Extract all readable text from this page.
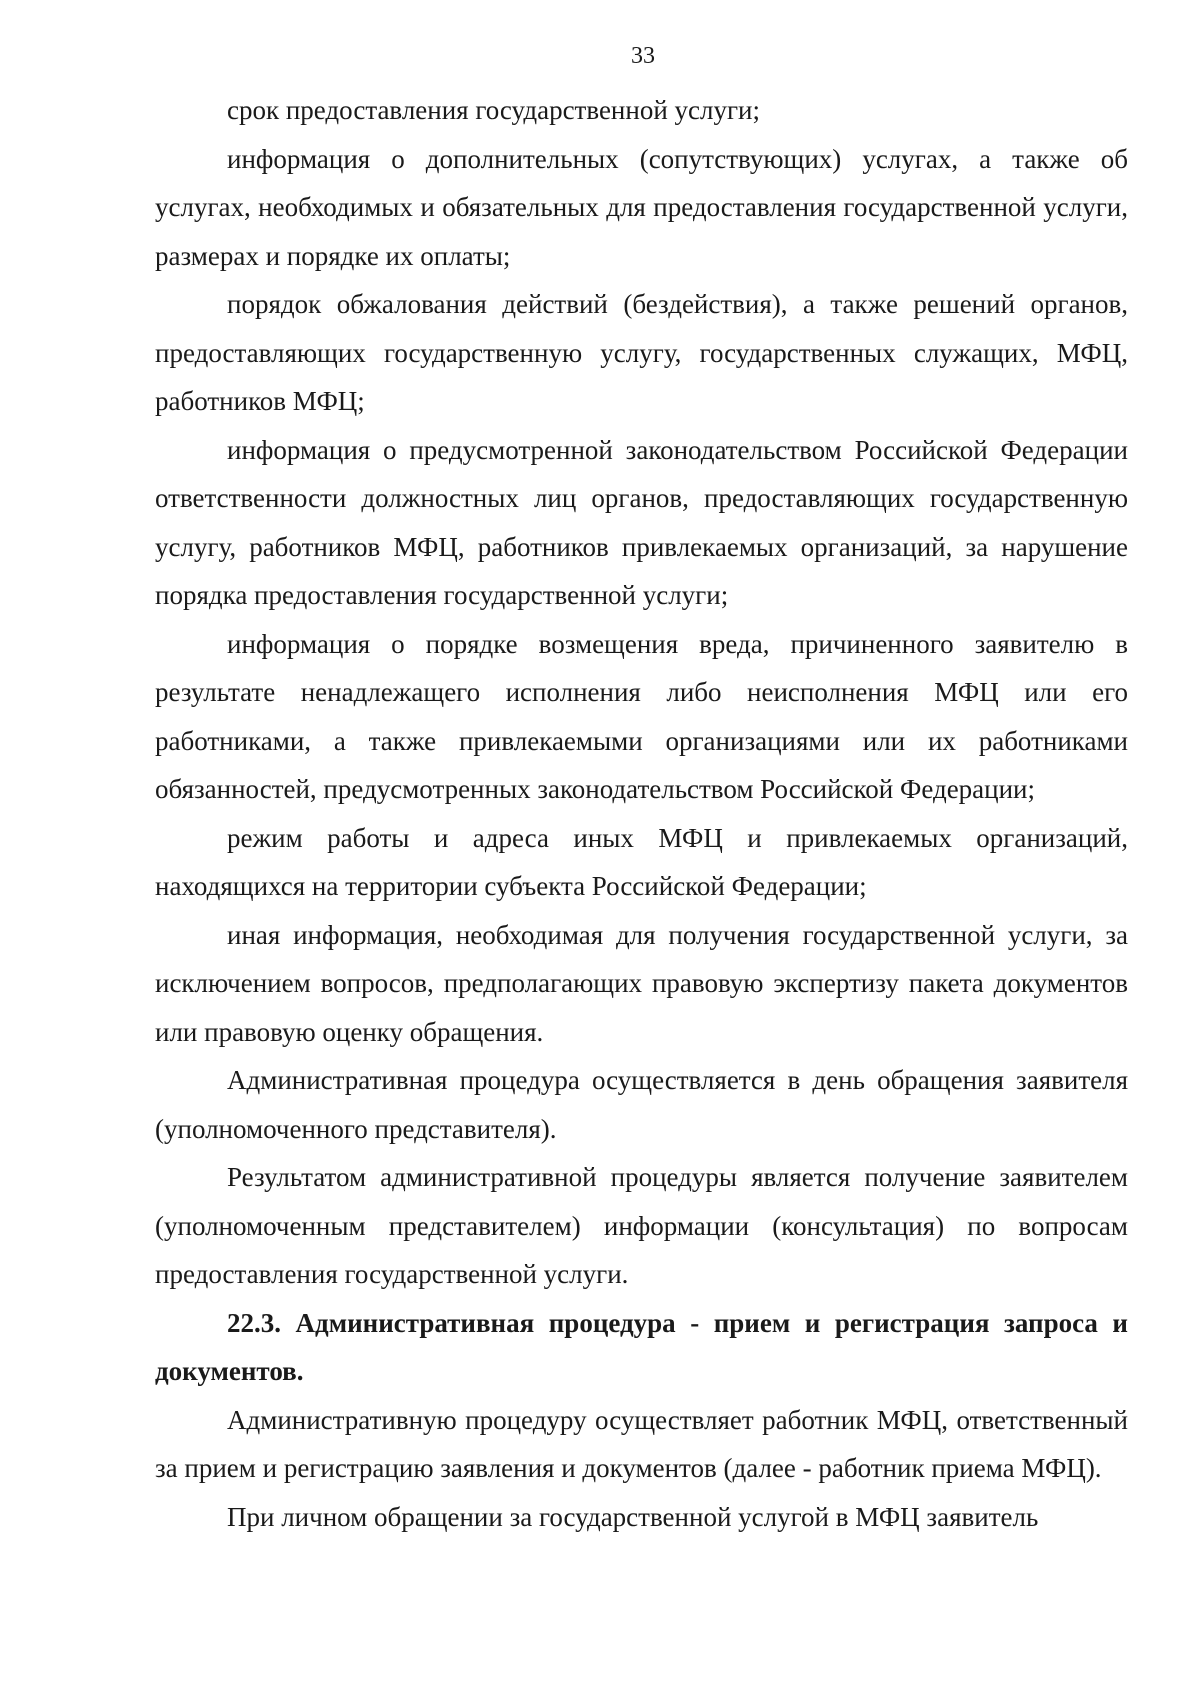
33

срок предоставления государственной услуги;

информация о дополнительных (сопутствующих) услугах, а также об услугах, необходимых и обязательных для предоставления государственной услуги, размерах и порядке их оплаты;

порядок обжалования действий (бездействия), а также решений органов, предоставляющих государственную услугу, государственных служащих, МФЦ, работников МФЦ;

информация о предусмотренной законодательством Российской Федерации ответственности должностных лиц органов, предоставляющих государственную услугу, работников МФЦ, работников привлекаемых организаций, за нарушение порядка предоставления государственной услуги;

информация о порядке возмещения вреда, причиненного заявителю в результате ненадлежащего исполнения либо неисполнения МФЦ или его работниками, а также привлекаемыми организациями или их работниками обязанностей, предусмотренных законодательством Российской Федерации;

режим работы и адреса иных МФЦ и привлекаемых организаций, находящихся на территории субъекта Российской Федерации;

иная информация, необходимая для получения государственной услуги, за исключением вопросов, предполагающих правовую экспертизу пакета документов или правовую оценку обращения.

Административная процедура осуществляется в день обращения заявителя (уполномоченного представителя).

Результатом административной процедуры является получение заявителем (уполномоченным представителем) информации (консультация) по вопросам предоставления государственной услуги.

22.3. Административная процедура - прием и регистрация запроса и документов.

Административную процедуру осуществляет работник МФЦ, ответственный за прием и регистрацию заявления и документов (далее - работник приема МФЦ).

При личном обращении за государственной услугой в МФЦ заявитель
